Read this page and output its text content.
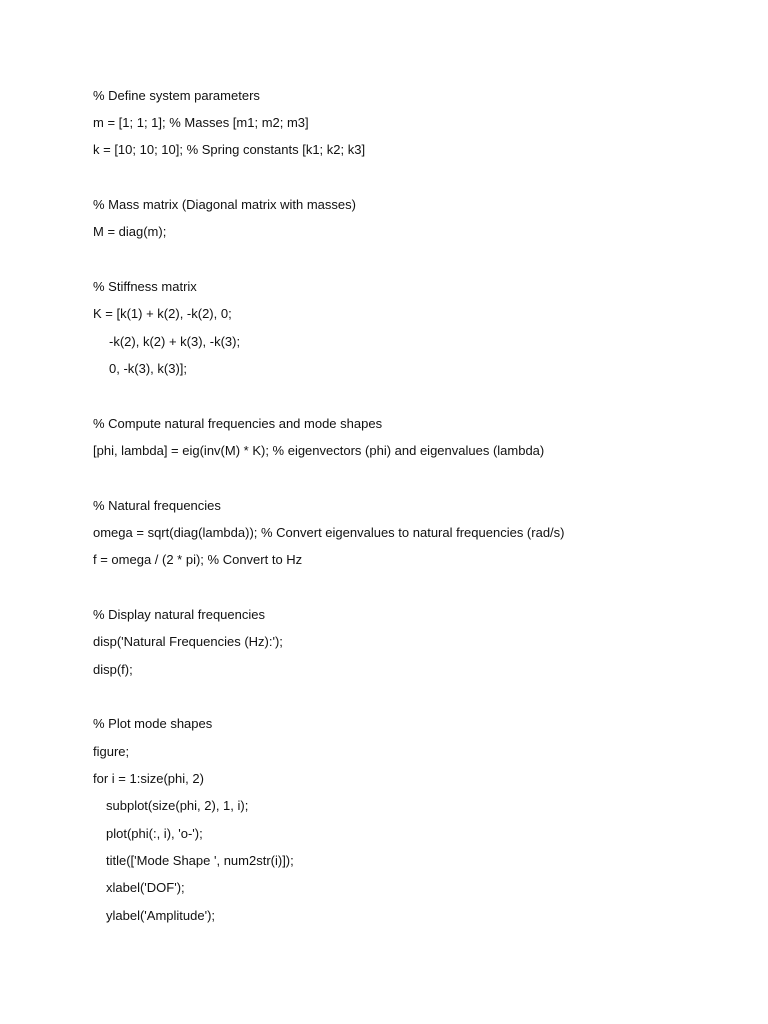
% Define system parameters
m = [1; 1; 1]; % Masses [m1; m2; m3]
k = [10; 10; 10]; % Spring constants [k1; k2; k3]
% Mass matrix (Diagonal matrix with masses)
M = diag(m);
% Stiffness matrix
K = [k(1) + k(2), -k(2), 0;
-k(2), k(2) + k(3), -k(3);
0, -k(3), k(3)];
% Compute natural frequencies and mode shapes
[phi, lambda] = eig(inv(M) * K); % eigenvectors (phi) and eigenvalues (lambda)
% Natural frequencies
omega = sqrt(diag(lambda)); % Convert eigenvalues to natural frequencies (rad/s)
f = omega / (2 * pi); % Convert to Hz
% Display natural frequencies
disp('Natural Frequencies (Hz):');
disp(f);
% Plot mode shapes
figure;
for i = 1:size(phi, 2)
subplot(size(phi, 2), 1, i);
plot(phi(:, i), 'o-');
title(['Mode Shape ', num2str(i)]);
xlabel('DOF');
ylabel('Amplitude');
